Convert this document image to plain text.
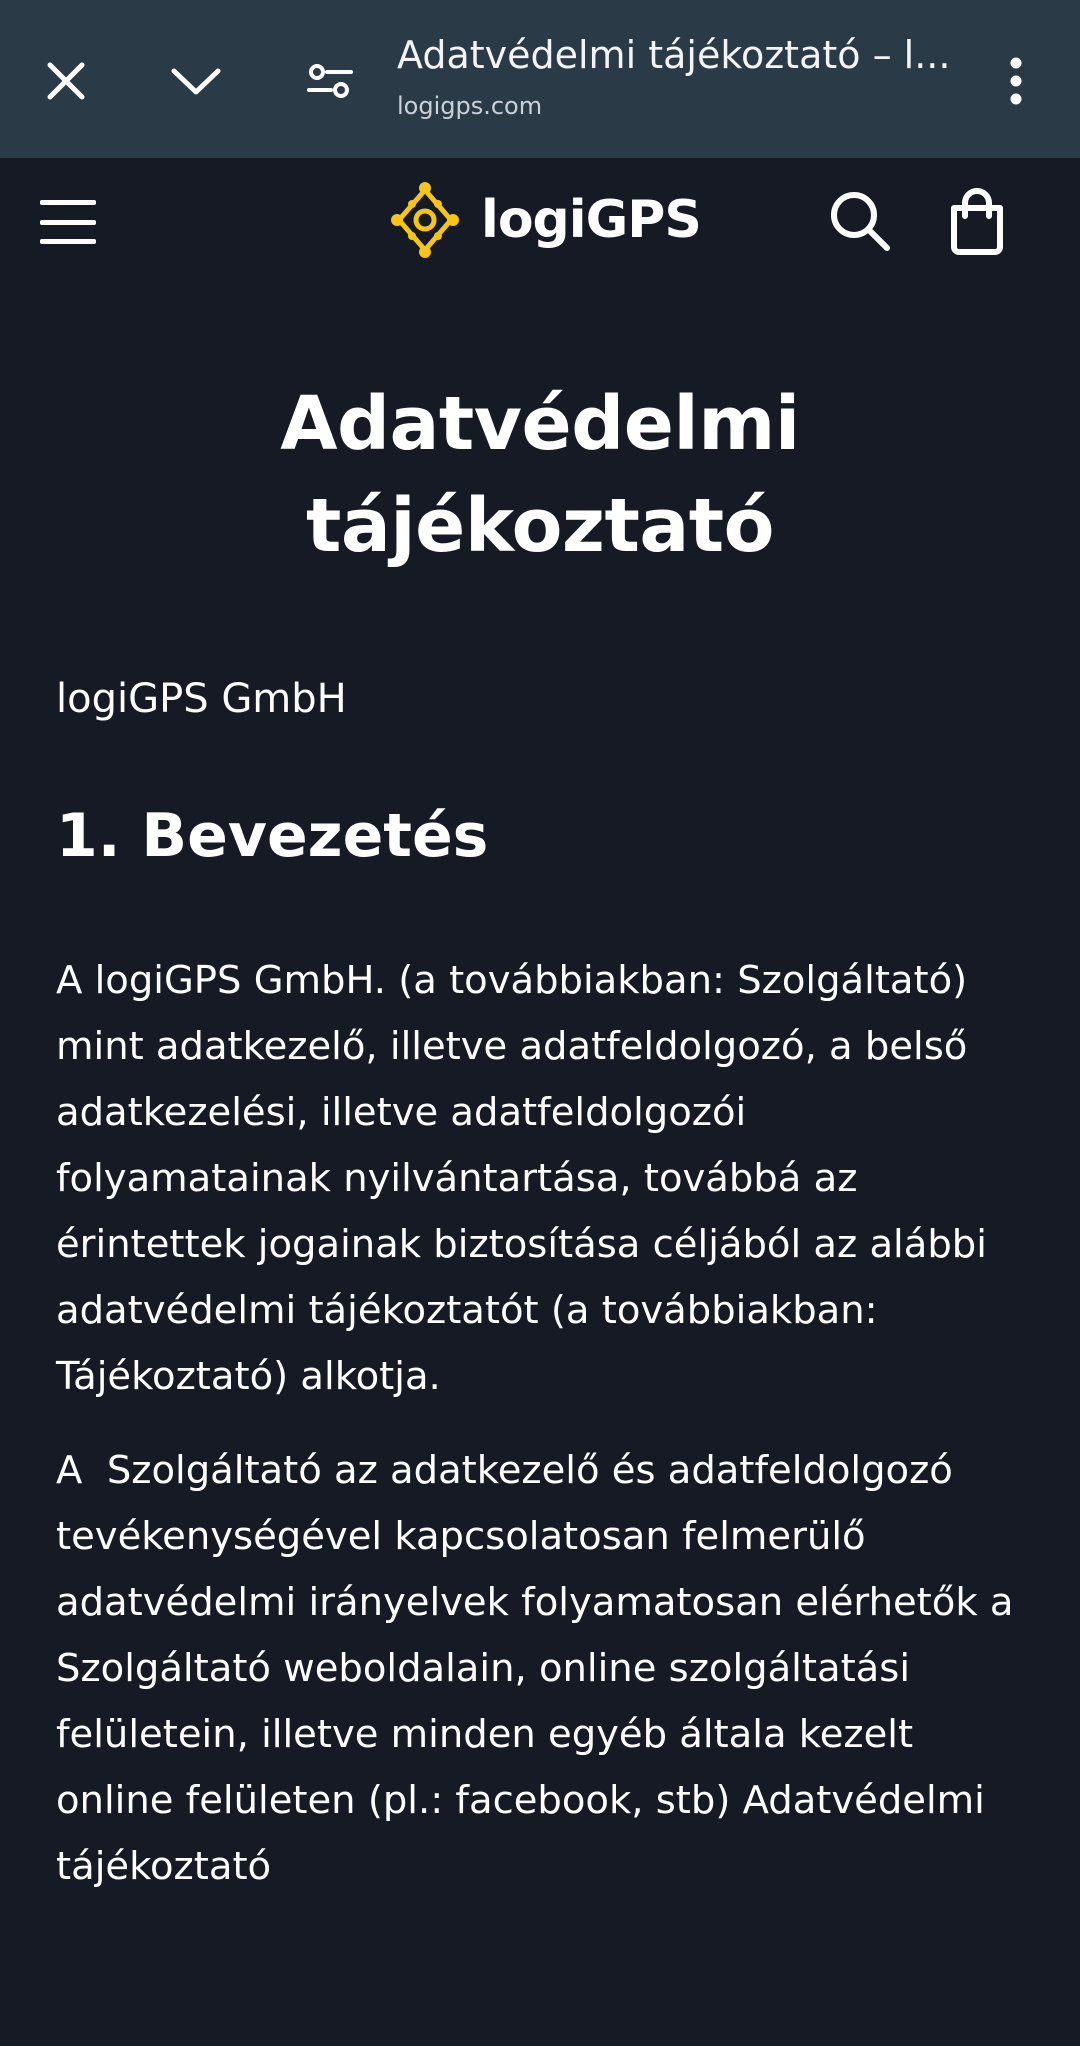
Adatvédelmi tájékoztató – l...
logigps.com
logiGPS
Adatvédelmi tájékoztató
logiGPS GmbH
1. Bevezetés

A logiGPS GmbH. (a továbbiakban: Szolgáltató) mint adatkezelő, illetve adatfeldolgozó, a belső adatkezelési, illetve adatfeldolgozói folyamatainak nyilvántartása, továbbá az érintettek jogainak biztosítása céljából az alábbi adatvédelmi tájékoztatót (a továbbiakban: Tájékoztató) alkotja.

A  Szolgáltató az adatkezelő és adatfeldolgozó tevékenységével kapcsolatosan felmerülő adatvédelmi irányelvek folyamatosan elérhetők a Szolgáltató weboldalain, online szolgáltatási felületein, illetve minden egyéb általa kezelt online felületen (pl.: facebook, stb) Adatvédelmi tájékoztató
